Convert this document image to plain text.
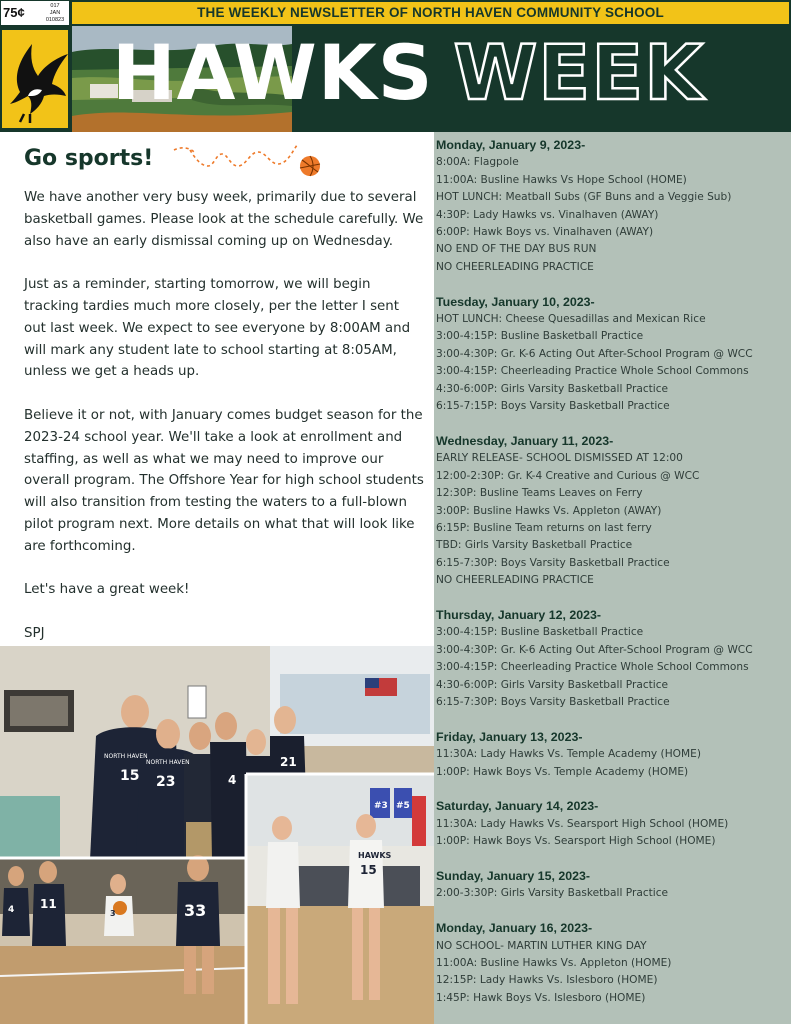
75¢	017
JAN
010823	THE WEEKLY NEWSLETTER OF NORTH HAVEN COMMUNITY SCHOOL
HAWKS WEEK
Go sports!

We have another very busy week, primarily due to several basketball games. Please look at the schedule carefully. We also have an early dismissal coming up on Wednesday.

Just as a reminder, starting tomorrow, we will begin tracking tardies much more closely, per the letter I sent out last week. We expect to see everyone by 8:00AM and will mark any student late to school starting at 8:05AM, unless we get a heads up.

Believe it or not, with January comes budget season for the 2023-24 school year. We'll take a look at enrollment and staffing, as well as what we may need to improve our overall program. The Offshore Year for high school students will also transition from testing the waters to a full-blown pilot program next. More details on what that will look like are forthcoming.

Let's have a great week!

SPJ

Monday, January 9, 2023-
8:00A: Flagpole
11:00A: Busline Hawks Vs Hope School (HOME)
HOT LUNCH: Meatball Subs (GF Buns and a Veggie Sub)
4:30P: Lady Hawks vs. Vinalhaven (AWAY)
6:00P: Hawk Boys vs. Vinalhaven (AWAY)
NO END OF THE DAY BUS RUN
NO CHEERLEADING PRACTICE
Tuesday, January 10, 2023-
HOT LUNCH: Cheese Quesadillas and Mexican Rice
3:00-4:15P: Busline Basketball Practice
3:00-4:30P: Gr. K-6 Acting Out After-School Program @ WCC
3:00-4:15P: Cheerleading Practice Whole School Commons
4:30-6:00P: Girls Varsity Basketball Practice
6:15-7:15P: Boys Varsity Basketball Practice
Wednesday, January 11, 2023-
EARLY RELEASE- SCHOOL DISMISSED AT 12:00
12:00-2:30P: Gr. K-4 Creative and Curious @ WCC
12:30P: Busline Teams Leaves on Ferry
3:00P: Busline Hawks Vs. Appleton (AWAY)
6:15P: Busline Team returns on last ferry
TBD: Girls Varsity Basketball Practice
6:15-7:30P: Boys Varsity Basketball Practice
NO CHEERLEADING PRACTICE
Thursday, January 12, 2023-
3:00-4:15P: Busline Basketball Practice
3:00-4:30P: Gr. K-6 Acting Out After-School Program @ WCC
3:00-4:15P: Cheerleading Practice Whole School Commons
4:30-6:00P: Girls Varsity Basketball Practice
6:15-7:30P: Boys Varsity Basketball Practice
Friday, January 13, 2023-
11:30A: Lady Hawks Vs. Temple Academy (HOME)
1:00P: Hawk Boys Vs. Temple Academy (HOME)
Saturday, January 14, 2023-
11:30A: Lady Hawks Vs. Searsport High School (HOME)
1:00P: Hawk Boys Vs. Searsport High School (HOME)
Sunday, January 15, 2023-
2:00-3:30P: Girls Varsity Basketball Practice
Monday, January 16, 2023-
NO SCHOOL- MARTIN LUTHER KING DAY
11:00A: Busline Hawks Vs. Appleton (HOME)
12:15P: Lady Hawks Vs. Islesboro (HOME)
1:45P: Hawk Boys Vs. Islesboro (HOME)
15 23	4
21
NORTH HAVEN
NORTH HAVEN
#3 #5
HAWKS
15
11
3	33
4
